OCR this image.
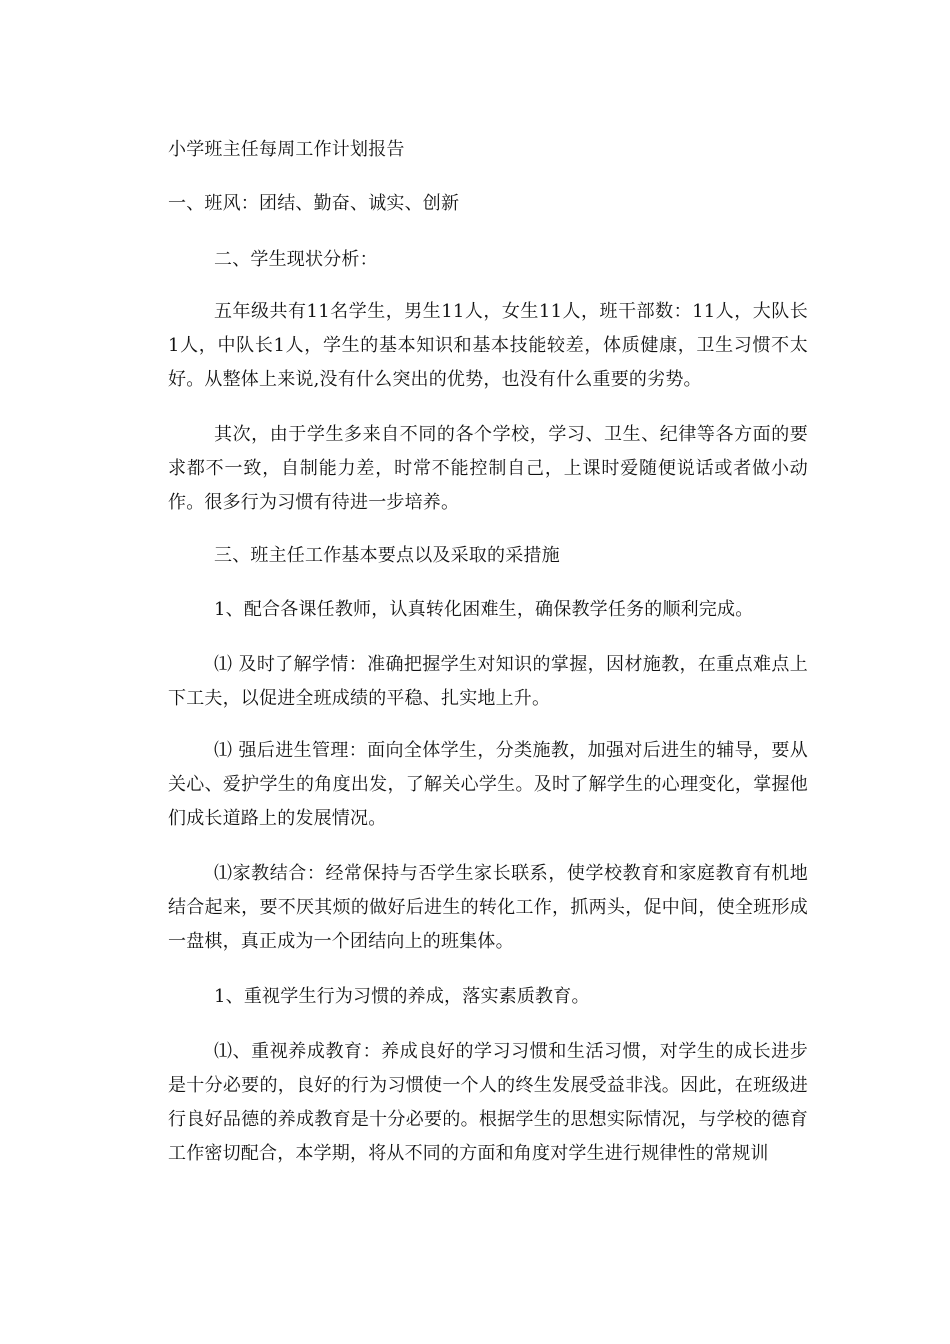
小学班主任每周工作计划报告
一、班风：团结、勤奋、诚实、创新
二、学生现状分析：
五年级共有11名学生，男生11人，女生11人，班干部数：11人，大队长1人，中队长1人，学生的基本知识和基本技能较差，体质健康，卫生习惯不太好。从整体上来说,没有什么突出的优势，也没有什么重要的劣势。
其次，由于学生多来自不同的各个学校，学习、卫生、纪律等各方面的要求都不一致，自制能力差，时常不能控制自己，上课时爱随便说话或者做小动作。很多行为习惯有待进一步培养。
三、班主任工作基本要点以及采取的采措施
1、配合各课任教师，认真转化困难生，确保教学任务的顺利完成。
⑴ 及时了解学情：准确把握学生对知识的掌握，因材施教，在重点难点上下工夫，以促进全班成绩的平稳、扎实地上升。
⑴ 强后进生管理：面向全体学生，分类施教，加强对后进生的辅导，要从关心、爱护学生的角度出发，了解关心学生。及时了解学生的心理变化，掌握他们成长道路上的发展情况。
⑴家教结合：经常保持与否学生家长联系，使学校教育和家庭教育有机地结合起来，要不厌其烦的做好后进生的转化工作，抓两头，促中间，使全班形成一盘棋，真正成为一个团结向上的班集体。
1、重视学生行为习惯的养成，落实素质教育。
⑴、重视养成教育：养成良好的学习习惯和生活习惯，对学生的成长进步是十分必要的，良好的行为习惯使一个人的终生发展受益非浅。因此，在班级进行良好品德的养成教育是十分必要的。根据学生的思想实际情况，与学校的德育工作密切配合，本学期，将从不同的方面和角度对学生进行规律性的常规训
